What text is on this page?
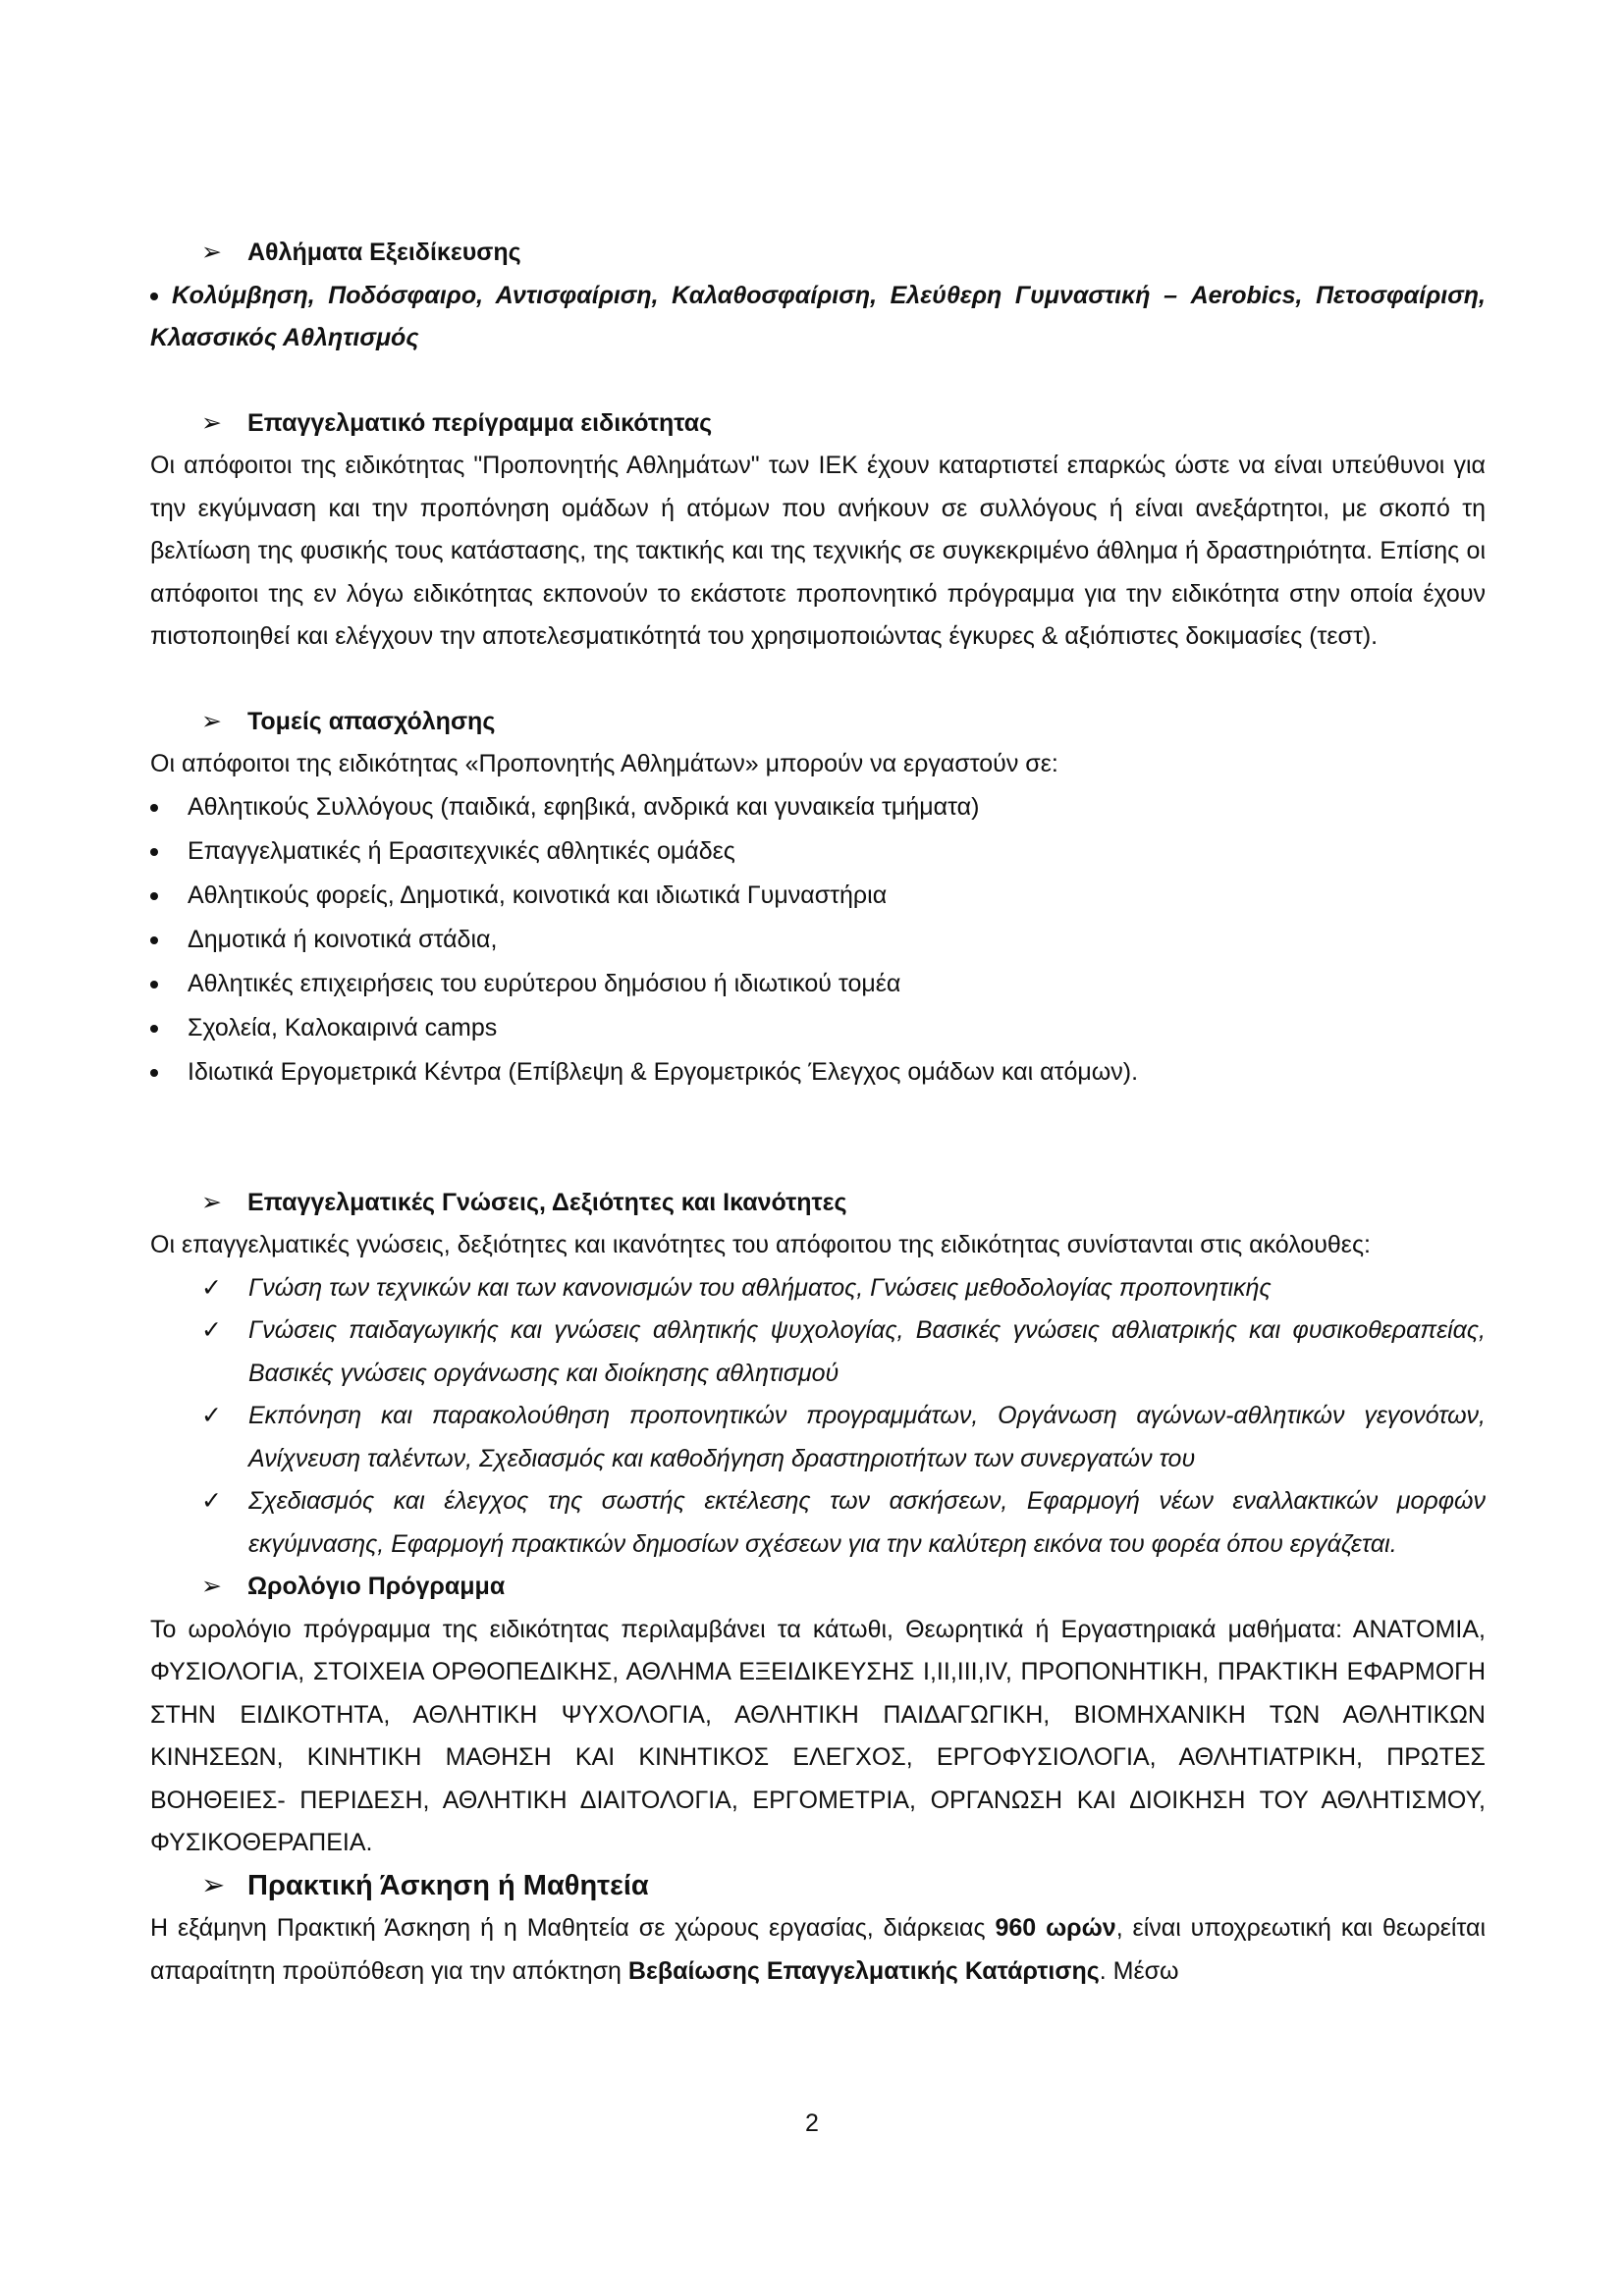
➢ Αθλήματα Εξειδίκευσης
Κολύμβηση, Ποδόσφαιρο, Αντισφαίριση, Καλαθοσφαίριση, Ελεύθερη Γυμναστική – Aerobics, Πετοσφαίριση, Κλασσικός Αθλητισμός
➢ Επαγγελματικό περίγραμμα ειδικότητας
Οι απόφοιτοι της ειδικότητας "Προπονητής Αθλημάτων" των ΙΕΚ έχουν καταρτιστεί επαρκώς ώστε να είναι υπεύθυνοι για την εκγύμναση και την προπόνηση ομάδων ή ατόμων που ανήκουν σε συλλόγους ή είναι ανεξάρτητοι, με σκοπό τη βελτίωση της φυσικής τους κατάστασης, της τακτικής και της τεχνικής σε συγκεκριμένο άθλημα ή δραστηριότητα. Επίσης οι απόφοιτοι της εν λόγω ειδικότητας εκπονούν το εκάστοτε προπονητικό πρόγραμμα για την ειδικότητα στην οποία έχουν πιστοποιηθεί και ελέγχουν την αποτελεσματικότητά του χρησιμοποιώντας έγκυρες & αξιόπιστες δοκιμασίες (τεστ).
➢ Τομείς απασχόλησης
Οι απόφοιτοι της ειδικότητας «Προπονητής Αθλημάτων» μπορούν να εργαστούν σε:
Αθλητικούς Συλλόγους (παιδικά, εφηβικά, ανδρικά και γυναικεία τμήματα)
Επαγγελματικές ή Ερασιτεχνικές αθλητικές ομάδες
Αθλητικούς φορείς, Δημοτικά, κοινοτικά και ιδιωτικά Γυμναστήρια
Δημοτικά ή κοινοτικά στάδια,
Αθλητικές επιχειρήσεις του ευρύτερου δημόσιου ή ιδιωτικού τομέα
Σχολεία, Καλοκαιρινά camps
Ιδιωτικά Εργομετρικά Κέντρα (Επίβλεψη & Εργομετρικός Έλεγχος ομάδων και ατόμων).
➢ Επαγγελματικές Γνώσεις, Δεξιότητες και Ικανότητες
Οι επαγγελματικές γνώσεις, δεξιότητες και ικανότητες του απόφοιτου της ειδικότητας συνίστανται στις ακόλουθες:
✓ Γνώση των τεχνικών και των κανονισμών του αθλήματος, Γνώσεις μεθοδολογίας προπονητικής
✓ Γνώσεις παιδαγωγικής και γνώσεις αθλητικής ψυχολογίας, Βασικές γνώσεις αθλιατρικής και φυσικοθεραπείας, Βασικές γνώσεις οργάνωσης και διοίκησης αθλητισμού
✓ Εκπόνηση και παρακολούθηση προπονητικών προγραμμάτων, Οργάνωση αγώνων-αθλητικών γεγονότων, Ανίχνευση ταλέντων, Σχεδιασμός και καθοδήγηση δραστηριοτήτων των συνεργατών του
✓ Σχεδιασμός και έλεγχος της σωστής εκτέλεσης των ασκήσεων, Εφαρμογή νέων εναλλακτικών μορφών εκγύμνασης, Εφαρμογή πρακτικών δημοσίων σχέσεων για την καλύτερη εικόνα του φορέα όπου εργάζεται.
➢ Ωρολόγιο Πρόγραμμα
Το ωρολόγιο πρόγραμμα της ειδικότητας περιλαμβάνει τα κάτωθι, Θεωρητικά ή Εργαστηριακά μαθήματα: ΑΝΑΤΟΜΙΑ, ΦΥΣΙΟΛΟΓΙΑ, ΣΤΟΙΧΕΙΑ ΟΡΘΟΠΕΔΙΚΗΣ, ΑΘΛΗΜΑ ΕΞΕΙΔΙΚΕΥΣΗΣ I,II,III,IV, ΠΡΟΠΟΝΗΤΙΚΗ, ΠΡΑΚΤΙΚΗ ΕΦΑΡΜΟΓΗ ΣΤΗΝ ΕΙΔΙΚΟΤΗΤΑ, ΑΘΛΗΤΙΚΗ ΨΥΧΟΛΟΓΙΑ, ΑΘΛΗΤΙΚΗ ΠΑΙΔΑΓΩΓΙΚΗ, ΒΙΟΜΗΧΑΝΙΚΗ ΤΩΝ ΑΘΛΗΤΙΚΩΝ ΚΙΝΗΣΕΩΝ, ΚΙΝΗΤΙΚΗ ΜΑΘΗΣΗ ΚΑΙ ΚΙΝΗΤΙΚΟΣ ΕΛΕΓΧΟΣ, ΕΡΓΟΦΥΣΙΟΛΟΓΙΑ, ΑΘΛΗΤΙΑΤΡΙΚΗ, ΠΡΩΤΕΣ ΒΟΗΘΕΙΕΣ- ΠΕΡΙΔΕΣΗ, ΑΘΛΗΤΙΚΗ ΔΙΑΙΤΟΛΟΓΙΑ, ΕΡΓΟΜΕΤΡΙΑ, ΟΡΓΑΝΩΣΗ ΚΑΙ ΔΙΟΙΚΗΣΗ ΤΟΥ ΑΘΛΗΤΙΣΜΟΥ, ΦΥΣΙΚΟΘΕΡΑΠΕΙΑ.
➢ Πρακτική Άσκηση ή Μαθητεία
Η εξάμηνη Πρακτική Άσκηση ή η Μαθητεία σε χώρους εργασίας, διάρκειας 960 ωρών, είναι υποχρεωτική και θεωρείται απαραίτητη προϋπόθεση για την απόκτηση Βεβαίωσης Επαγγελματικής Κατάρτισης. Μέσω
2
